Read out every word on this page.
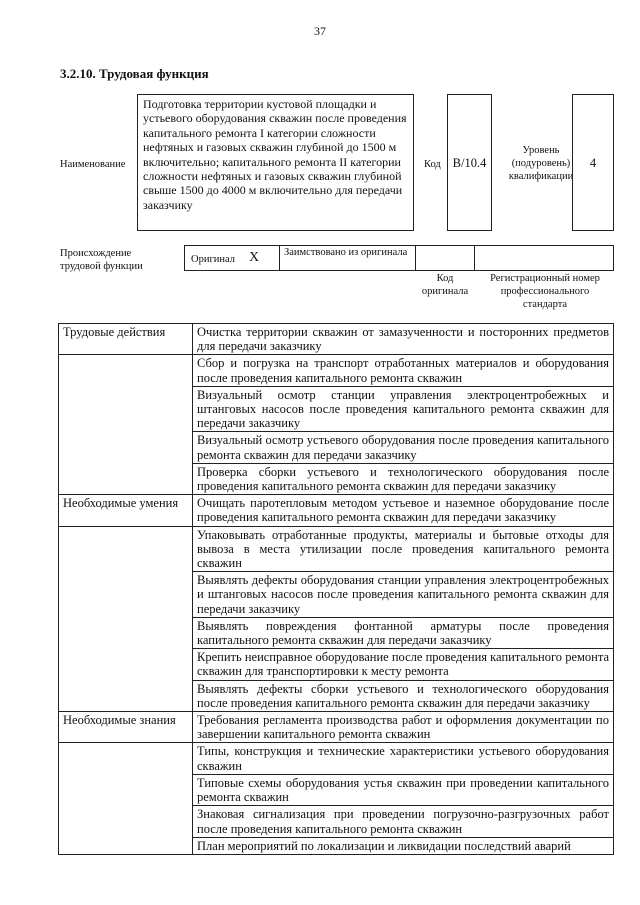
37
3.2.10. Трудовая функция
Наименование
Подготовка территории кустовой площадки и устьевого оборудования скважин после проведения капитального ремонта I категории сложности нефтяных и газовых скважин глубиной до 1500 м включительно; капитального ремонта II категории сложности нефтяных и газовых скважин глубиной свыше 1500 до 4000 м включительно для передачи заказчику
Код B/10.4
Уровень (подуровень) квалификации
4
Происхождение трудовой функции
Оригинал X	Заимствовано из оригинала
Код оригинала
Регистрационный номер профессионального стандарта
Трудовые действия	Очистка территории скважин от замазученности и посторонних предметов для передачи заказчику
	Сбор и погрузка на транспорт отработанных материалов и оборудования после проведения капитального ремонта скважин
	Визуальный осмотр станции управления электроцентробежных и штанговых насосов после проведения капитального ремонта скважин для передачи заказчику
	Визуальный осмотр устьевого оборудования после проведения капитального ремонта скважин для передачи заказчику
	Проверка сборки устьевого и технологического оборудования после проведения капитального ремонта скважин для передачи заказчику
Необходимые умения	Очищать паротепловым методом устьевое и наземное оборудование после проведения капитального ремонта скважин для передачи заказчику
	Упаковывать отработанные продукты, материалы и бытовые отходы для вывоза в места утилизации после проведения капитального ремонта скважин
	Выявлять дефекты оборудования станции управления электроцентробежных и штанговых насосов после проведения капитального ремонта скважин для передачи заказчику
	Выявлять повреждения фонтанной арматуры после проведения капитального ремонта скважин для передачи заказчику
	Крепить неисправное оборудование после проведения капитального ремонта скважин для транспортировки к месту ремонта
	Выявлять дефекты сборки устьевого и технологического оборудования после проведения капитального ремонта скважин для передачи заказчику
Необходимые знания	Требования регламента производства работ и оформления документации по завершении капитального ремонта скважин
	Типы, конструкция и технические характеристики устьевого оборудования скважин
	Типовые схемы оборудования устья скважин при проведении капитального ремонта скважин
	Знаковая сигнализация при проведении погрузочно-разгрузочных работ после проведения капитального ремонта скважин
	План мероприятий по локализации и ликвидации последствий аварий
